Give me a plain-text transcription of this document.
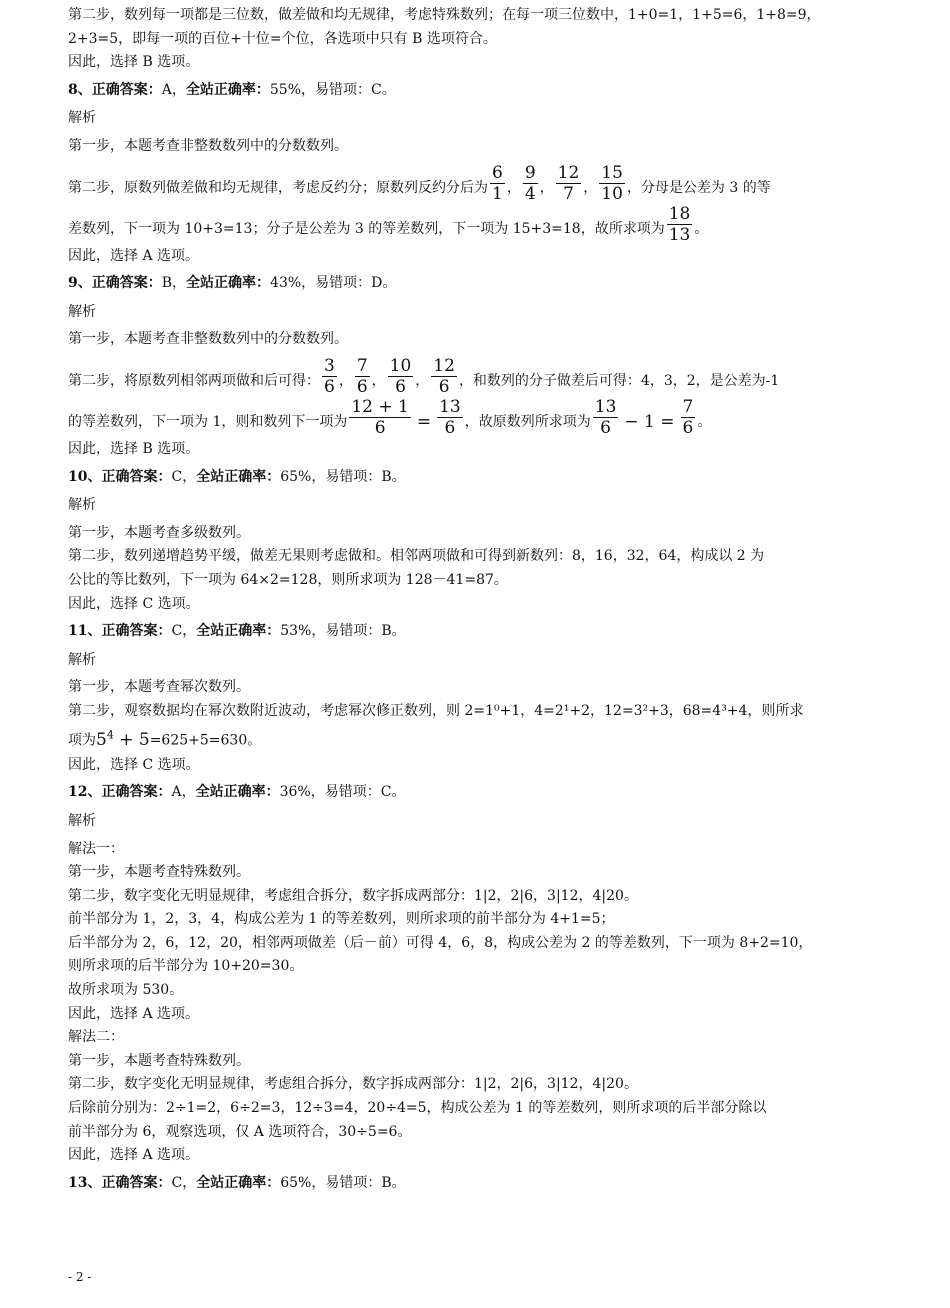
第二步，数列每一项都是三位数，做差做和均无规律，考虑特殊数列；在每一项三位数中，1+0=1，1+5=6，1+8=9，
2+3=5，即每一项的百位+十位=个位，各选项中只有 B 选项符合。
因此，选择 B 选项。
8、正确答案：A，全站正确率：55%，易错项：C。
解析
第一步，本题考查非整数数列中的分数数列。
第二步，原数列做差做和均无规律，考虑反约分；原数列反约分后为 $\frac{6}{1}$ ， $\frac{9}{4}$ ， $\frac{12}{7}$ ， $\frac{15}{10}$ ，分母是公差为 3 的等
差数列，下一项为 10+3=13；分子是公差为 3 的等差数列，下一项为 15+3=18，故所求项为 $\frac{18}{13}$ 。
因此，选择 A 选项。
9、正确答案：B，全站正确率：43%，易错项：D。
解析
第一步，本题考查非整数数列中的分数数列。
第二步，将原数列相邻两项做和后可得： $\frac{3}{6}$ ， $\frac{7}{6}$ ， $\frac{10}{6}$ ， $\frac{12}{6}$ ，和数列的分子做差后可得：4，3，2，是公差为-1
的等差数列，下一项为 1，则和数列下一项为 $\frac{12 + 1}{6} = \frac{13}{6}$ ，故原数列所求项为 $\frac{13}{6} - 1 = \frac{7}{6}$ 。
因此，选择 B 选项。
10、正确答案：C，全站正确率：65%，易错项：B。
解析
第一步，本题考查多级数列。
第二步，数列递增趋势平缓，做差无果则考虑做和。相邻两项做和可得到新数列：8，16，32，64，构成以 2 为
公比的等比数列，下一项为 64×2=128，则所求项为 128－41=87。
因此，选择 C 选项。
11、正确答案：C，全站正确率：53%，易错项：B。
解析
第一步，本题考查幂次数列。
第二步，观察数据均在幂次数附近波动，考虑幂次修正数列，则 2=1⁰+1，4=2¹+2，12=3²+3，68=4³+4，则所求
项为$5^4 + 5=625+5=630$。
因此，选择 C 选项。
12、正确答案：A，全站正确率：36%，易错项：C。
解析
解法一：
第一步，本题考查特殊数列。
第二步，数字变化无明显规律，考虑组合拆分，数字拆成两部分：1|2，2|6，3|12，4|20。
前半部分为 1，2，3，4，构成公差为 1 的等差数列，则所求项的前半部分为 4+1=5；
后半部分为 2，6，12，20，相邻两项做差（后－前）可得 4，6，8，构成公差为 2 的等差数列，下一项为 8+2=10，
则所求项的后半部分为 10+20=30。
故所求项为 530。
因此，选择 A 选项。
解法二：
第一步，本题考查特殊数列。
第二步，数字变化无明显规律，考虑组合拆分，数字拆成两部分：1|2，2|6，3|12，4|20。
后除前分别为：2÷1=2，6÷2=3，12÷3=4，20÷4=5，构成公差为 1 的等差数列，则所求项的后半部分除以
前半部分为 6，观察选项，仅 A 选项符合，30÷5=6。
因此，选择 A 选项。
13、正确答案：C，全站正确率：65%，易错项：B。
- 2 -
